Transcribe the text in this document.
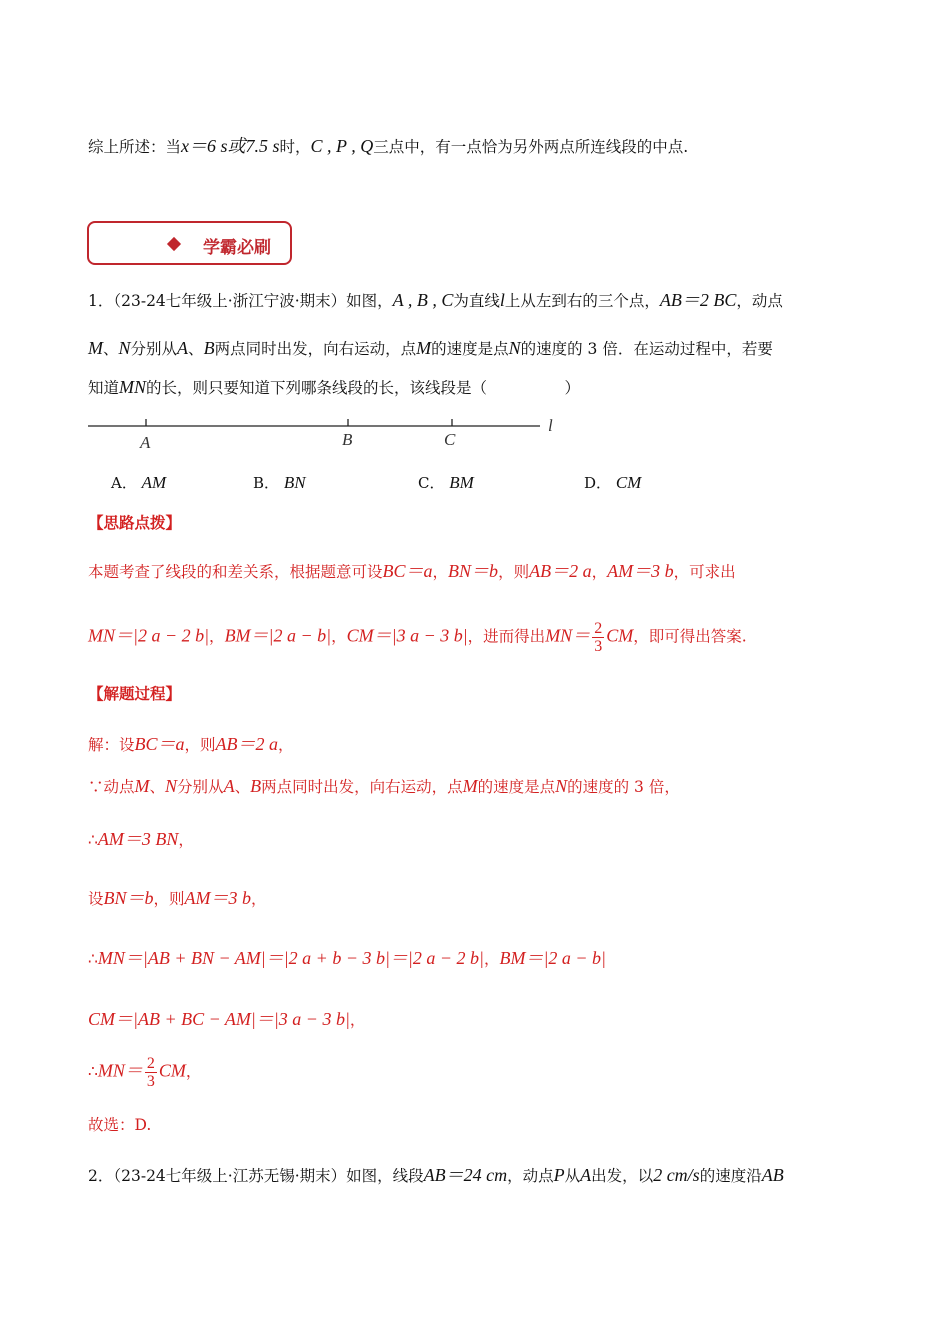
综上所述：当x＝6 s或7.5 s时，C , P , Q三点中，有一点恰为另外两点所连线段的中点.
学霸必刷
1．（23-24七年级上·浙江宁波·期末）如图，A , B , C为直线l上从左到右的三个点，AB＝2 BC，动点
M、N分别从A、B两点同时出发，向右运动，点M的速度是点N的速度的 3 倍．在运动过程中，若要
知道MN的长，则只要知道下列哪条线段的长，该线段是（　　　　　）
A	B	C
l
A． AM	B． BN	C． BM	D． CM
【思路点拨】
本题考查了线段的和差关系，根据题意可设BC＝a，BN＝b，则AB＝2 a，AM＝3 b，可求出
MN＝|2 a − 2 b|，BM＝|2 a − b|，CM＝|3 a − 3 b|，进而得出$MN= \frac{2}{3}$ CM，即可得出答案.
【解题过程】
解：设BC＝a，则AB＝2 a，
∵动点M、N分别从A、B两点同时出发，向右运动，点M的速度是点N的速度的 3 倍，
∴AM＝3 BN，
设BN＝b，则AM＝3 b，
∴MN＝|AB + BN − AM|＝|2 a + b − 3 b|＝|2 a − 2 b|，BM＝|2 a − b|
CM＝|AB + BC − AM|＝|3 a − 3 b|，
∴MN＝ $\frac{2}{3}$ CM，
故选：D.
2．（23-24七年级上·江苏无锡·期末）如图，线段AB＝24 cm，动点P从A出发，以2 cm/s的速度沿AB
